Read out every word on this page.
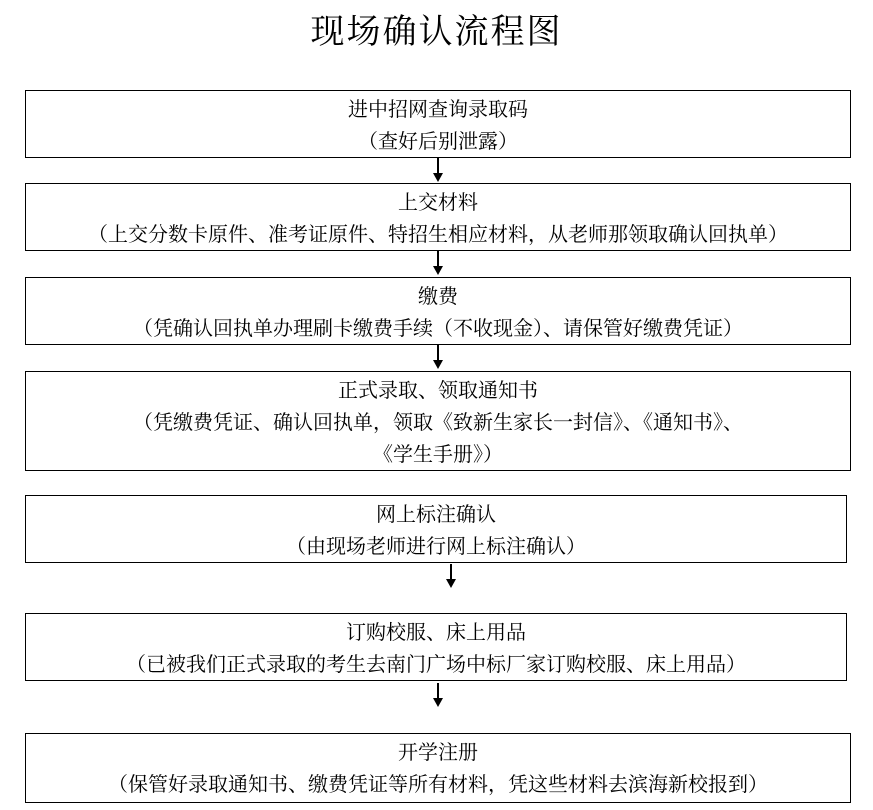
现场确认流程图
进中招网查询录取码
（查好后别泄露）
上交材料
（上交分数卡原件、准考证原件、特招生相应材料，从老师那领取确认回执单）
缴费
（凭确认回执单办理刷卡缴费手续（不收现金）、请保管好缴费凭证）
正式录取、领取通知书
（凭缴费凭证、确认回执单，领取《致新生家长一封信》、《通知书》、
《学生手册》）
网上标注确认
（由现场老师进行网上标注确认）
订购校服、床上用品
（已被我们正式录取的考生去南门广场中标厂家订购校服、床上用品）
开学注册
（保管好录取通知书、缴费凭证等所有材料，凭这些材料去滨海新校报到）
